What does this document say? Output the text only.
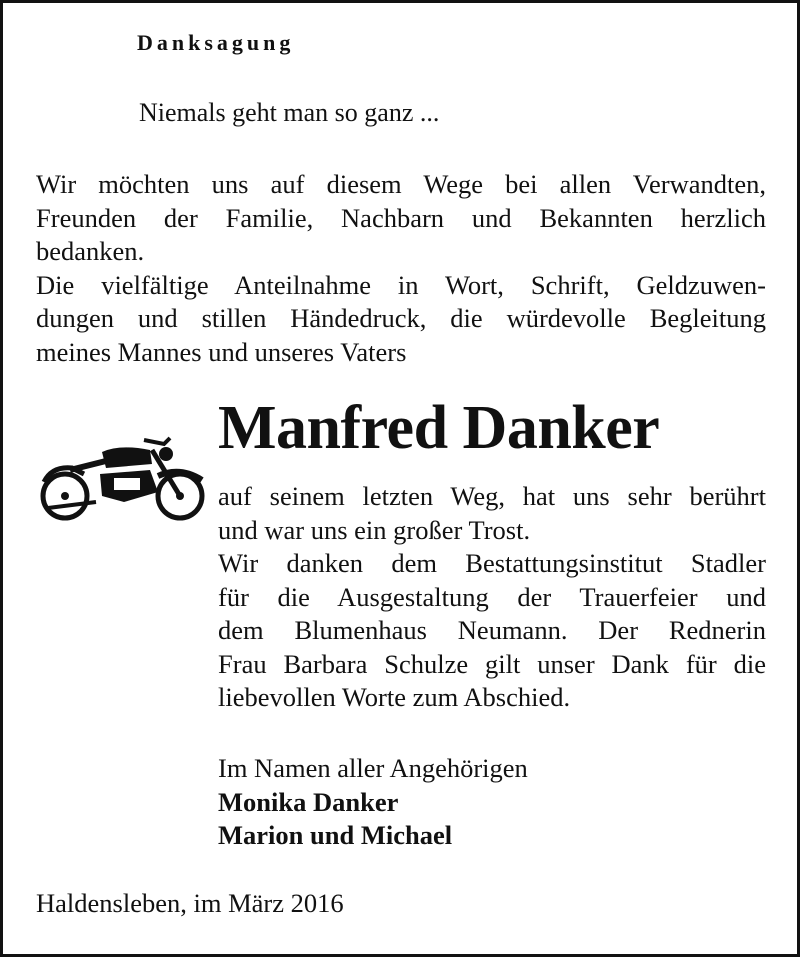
Danksagung
Niemals geht man so ganz ...
Wir möchten uns auf diesem Wege bei allen Verwandten,
Freunden der Familie, Nachbarn und Bekannten herzlich
bedanken.
Die vielfältige Anteilnahme in Wort, Schrift, Geldzuwen-
dungen und stillen Händedruck, die würdevolle Begleitung
meines Mannes und unseres Vaters
Manfred Danker
auf seinem letzten Weg, hat uns sehr berührt
und war uns ein großer Trost.
Wir danken dem Bestattungsinstitut Stadler
für die Ausgestaltung der Trauerfeier und
dem Blumenhaus Neumann. Der Rednerin
Frau Barbara Schulze gilt unser Dank für die
liebevollen Worte zum Abschied.
Im Namen aller Angehörigen
Monika Danker
Marion und Michael
Haldensleben, im März 2016
